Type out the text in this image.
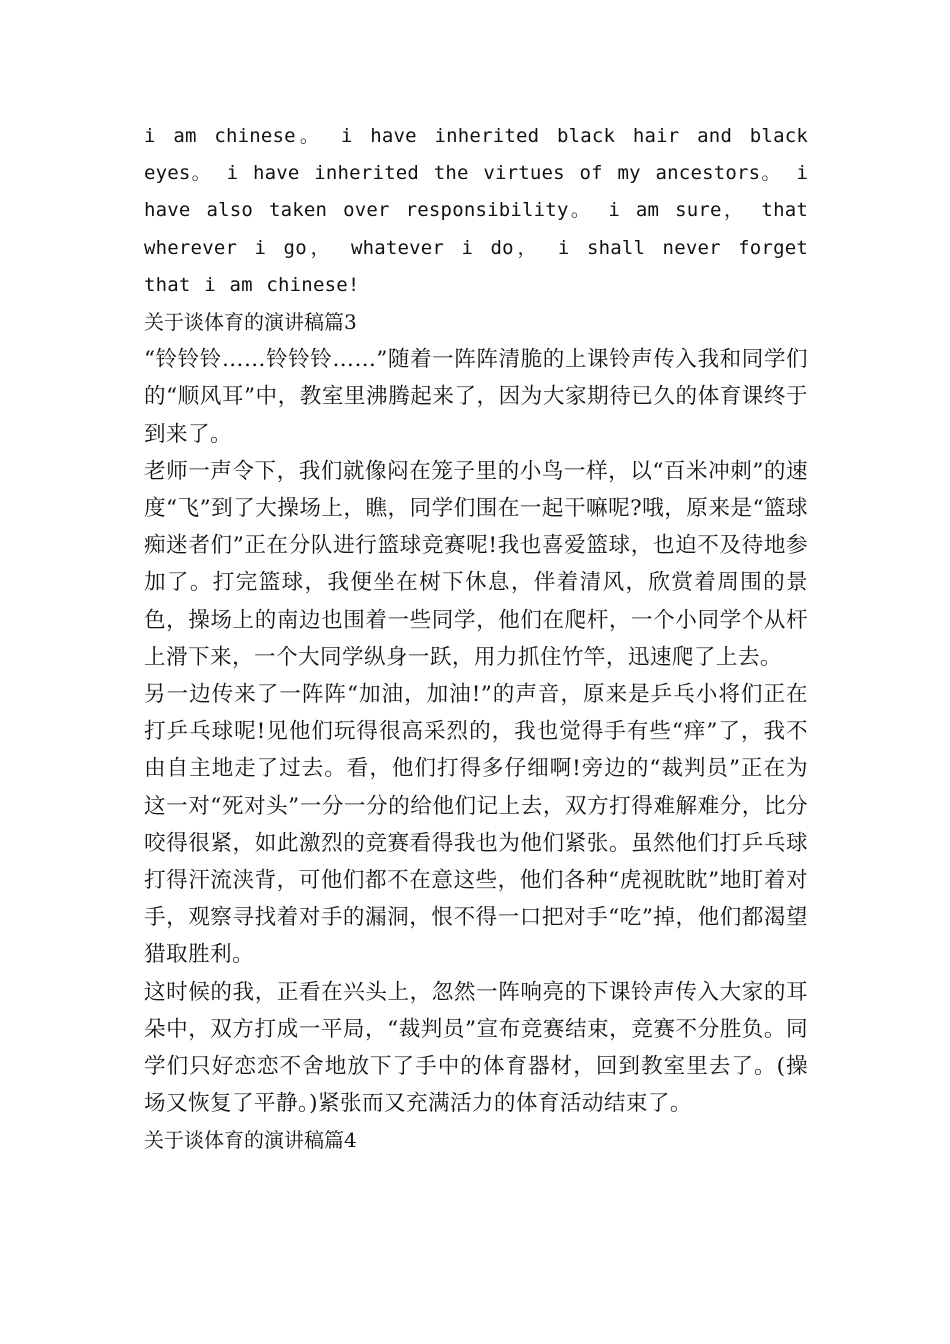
i am chinese。 i have inherited black hair and black eyes。 i have inherited the virtues of my ancestors。 i have also taken over responsibility。 i am sure， that wherever i go， whatever i do， i shall never forget that i am chinese!

关于谈体育的演讲稿篇3

“铃铃铃……铃铃铃……”随着一阵阵清脆的上课铃声传入我和同学们的“顺风耳”中，教室里沸腾起来了，因为大家期待已久的体育课终于到来了。

老师一声令下，我们就像闷在笼子里的小鸟一样，以“百米冲刺”的速度“飞”到了大操场上，瞧，同学们围在一起干嘛呢?哦，原来是“篮球痴迷者们”正在分队进行篮球竞赛呢!我也喜爱篮球，也迫不及待地参加了。打完篮球，我便坐在树下休息，伴着清风，欣赏着周围的景色，操场上的南边也围着一些同学，他们在爬杆，一个小同学个从杆上滑下来，一个大同学纵身一跃，用力抓住竹竿，迅速爬了上去。

另一边传来了一阵阵“加油，加油!”的声音，原来是乒乓小将们正在打乒乓球呢!见他们玩得很高采烈的，我也觉得手有些“痒”了，我不由自主地走了过去。看，他们打得多仔细啊!旁边的“裁判员”正在为这一对“死对头”一分一分的给他们记上去，双方打得难解难分，比分咬得很紧，如此激烈的竞赛看得我也为他们紧张。虽然他们打乒乓球打得汗流浃背，可他们都不在意这些，他们各种“虎视眈眈”地盯着对手，观察寻找着对手的漏洞，恨不得一口把对手“吃”掉，他们都渴望猎取胜利。

这时候的我，正看在兴头上，忽然一阵响亮的下课铃声传入大家的耳朵中，双方打成一平局，“裁判员”宣布竞赛结束，竞赛不分胜负。同学们只好恋恋不舍地放下了手中的体育器材，回到教室里去了。(操场又恢复了平静。)紧张而又充满活力的体育活动结束了。

关于谈体育的演讲稿篇4
